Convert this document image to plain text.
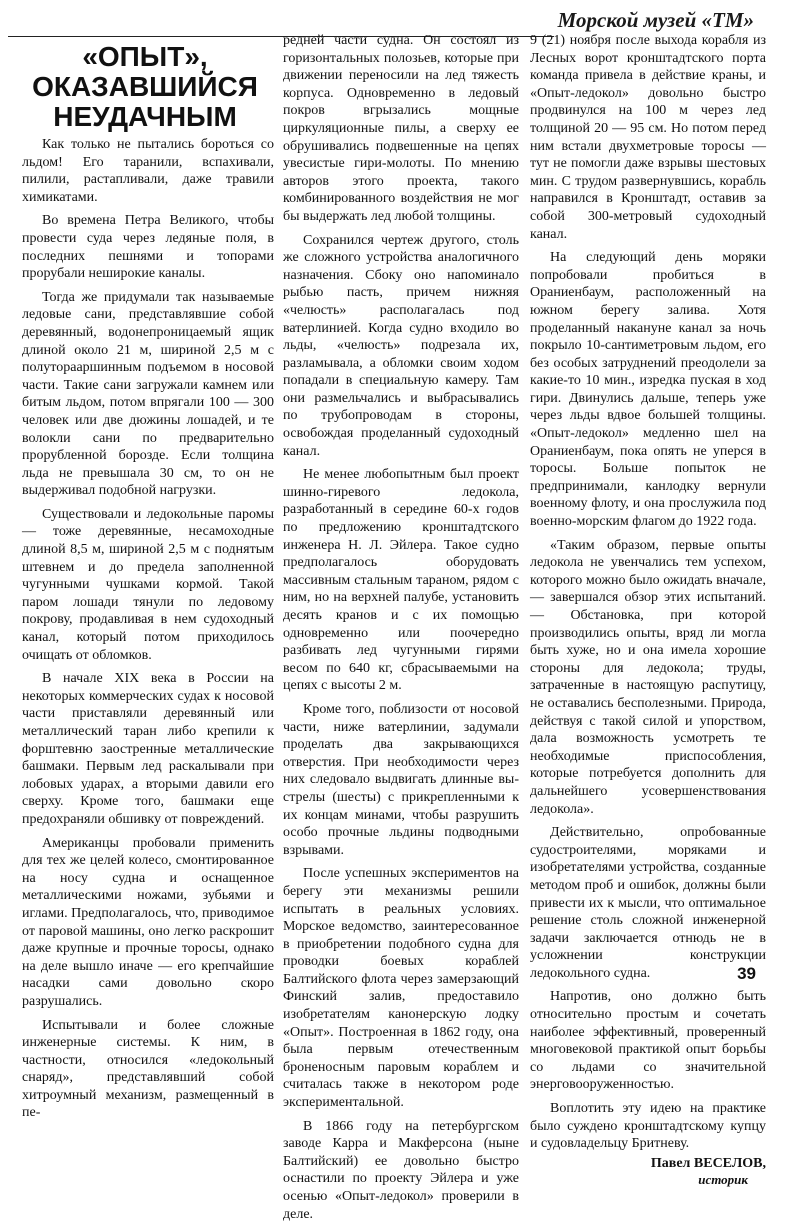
Морской музей «ТМ»
«ОПЫТ»,
ОКАЗАВШИЙСЯ
НЕУДАЧНЫМ

Как только не пытались бороться со льдом! Его таранили, вспахивали, пилили, растапливали, даже травили химикатами.

Во времена Петра Великого, чтобы провести суда через ледяные поля, в последних пешнями и топорами прорубали неширокие каналы.

Тогда же придумали так называемые ледовые сани, представлявшие собой деревянный, водонепроницаемый ящик длиной около 21 м, шириной 2,5 м с полуторааршинным подъемом в носовой части. Такие сани загружали камнем или битым льдом, потом впрягали 100 — 300 человек или две дюжины лошадей, и те волокли сани по предварительно прорубленной борозде. Если толщина льда не превышала 30 см, то он не выдерживал подобной нагрузки.

Существовали и ледокольные паромы — тоже деревянные, несамоходные длиной 8,5 м, шириной 2,5 м с поднятым штевнем и до предела заполненной чугунными чушками кормой. Такой паром лошади тянули по ледовому покрову, продавливая в нем судоходный канал, который потом приходилось очищать от обломков.

В начале XIX века в России на некоторых коммерческих судах к носовой части приставляли деревянный или металлический таран либо крепили к форштевню заостренные металлические башмаки. Первым лед раскалывали при лобовых ударах, а вторыми давили его сверху. Кроме того, башмаки еще предохраняли обшивку от повреждений.

Американцы пробовали применить для тех же целей колесо, смонтированное на носу судна и оснащенное металлическими ножами, зубьями и иглами. Предполагалось, что, приводимое от паровой машины, оно легко раскрошит даже крупные и прочные торосы, однако на деле вышло иначе — его крепчайшие насадки сами довольно скоро разрушались.

Испытывали и более сложные инженерные системы. К ним, в частности, относился «ледокольный снаряд», представлявший собой хитроумный механизм, размещенный в пе-

редней части судна. Он состоял из горизонтальных полозьев, которые при движении переносили на лед тяжесть корпуса. Одновременно в ледовый покров вгрызались мощные циркуляционные пилы, а сверху ее обрушивались подвешенные на цепях увесистые гири-молоты. По мнению авторов этого проекта, такого комбинированного воздействия не мог бы выдержать лед любой толщины.

Сохранился чертеж другого, столь же сложного устройства аналогичного назначения. Сбоку оно напоминало рыбью пасть, причем нижняя «челюсть» располагалась под ватерлинией. Когда судно входило во льды, «челюсть» подрезала их, разламывала, а обломки своим ходом попадали в специальную камеру. Там они размельчались и выбрасывались по трубопроводам в стороны, освобождая проделанный судоходный канал.

Не менее любопытным был проект шинно-гиревого ледокола, разработанный в середине 60-х годов по предложению кронштадтского инженера Н. Л. Эйлера. Такое судно предполагалось оборудовать массивным стальным тараном, рядом с ним, но на верхней палубе, установить десять кранов и с их помощью одновременно или поочередно разбивать лед чугунными гирями весом по 640 кг, сбрасываемыми на цепях с высоты 2 м.

Кроме того, поблизости от носовой части, ниже ватерлинии, задумали проделать два закрывающихся отверстия. При необходимости через них следовало выдвигать длинные вы-стрелы (шесты) с прикрепленными к их концам минами, чтобы разрушить особо прочные льдины подводными взрывами.

После успешных экспериментов на берегу эти механизмы решили испытать в реальных условиях. Морское ведомство, заинтересованное в приобретении подобного судна для проводки боевых кораблей Балтийского флота через замерзающий Финский залив, предоставило изобретателям канонерскую лодку «Опыт». Построенная в 1862 году, она была первым отечественным броненосным паровым кораблем и считалась также в некотором роде экспериментальной.

В 1866 году на петербургском заводе Карра и Макферсона (ныне Балтийский) ее довольно быстро оснастили по проекту Эйлера и уже осенью «Опыт-ледокол» проверили в деле.

9 (21) ноября после выхода корабля из Лесных ворот кронштадтского порта команда привела в действие краны, и «Опыт-ледокол» довольно быстро продвинулся на 100 м через лед толщиной 20 — 95 см. Но потом перед ним встали двухметровые торосы — тут не помогли даже взрывы шестовых мин. С трудом развернувшись, корабль направился в Кронштадт, оставив за собой 300-метровый судоходный канал.

На следующий день моряки попробовали пробиться в Ораниенбаум, расположенный на южном берегу залива. Хотя проделанный накануне канал за ночь покрыло 10-сантиметровым льдом, его без особых затруднений преодолели за какие-то 10 мин., изредка пуская в ход гири. Двинулись дальше, теперь уже через льды вдвое большей толщины. «Опыт-ледокол» медленно шел на Ораниенбаум, пока опять не уперся в торосы. Больше попыток не предпринимали, канлодку вернули военному флоту, и она прослужила под военно-морским флагом до 1922 года.

«Таким образом, первые опыты ледокола не увенчались тем успехом, которого можно было ожидать вначале,— завершался обзор этих испытаний.— Обстановка, при которой производились опыты, вряд ли могла быть хуже, но и она имела хорошие стороны для ледокола; труды, затраченные в настоящую распутицу, не оставались бесполезными. Природа, действуя с такой силой и упорством, дала возможность усмотреть те необходимые приспособления, которые потребуется дополнить для дальнейшего усовершенствования ледокола».

Действительно, опробованные судостроителями, моряками и изобретателями устройства, созданные методом проб и ошибок, должны были привести их к мысли, что оптимальное решение столь сложной инженерной задачи заключается отнюдь не в усложнении конструкции ледокольного судна.

Напротив, оно должно быть относительно простым и сочетать наиболее эффективный, проверенный многовековой практикой опыт борьбы со льдами со значительной энерговооруженностью.

Воплотить эту идею на практике было суждено кронштадтскому купцу и судовладельцу Бритневу.

Павел ВЕСЕЛОВ,
историк
39
